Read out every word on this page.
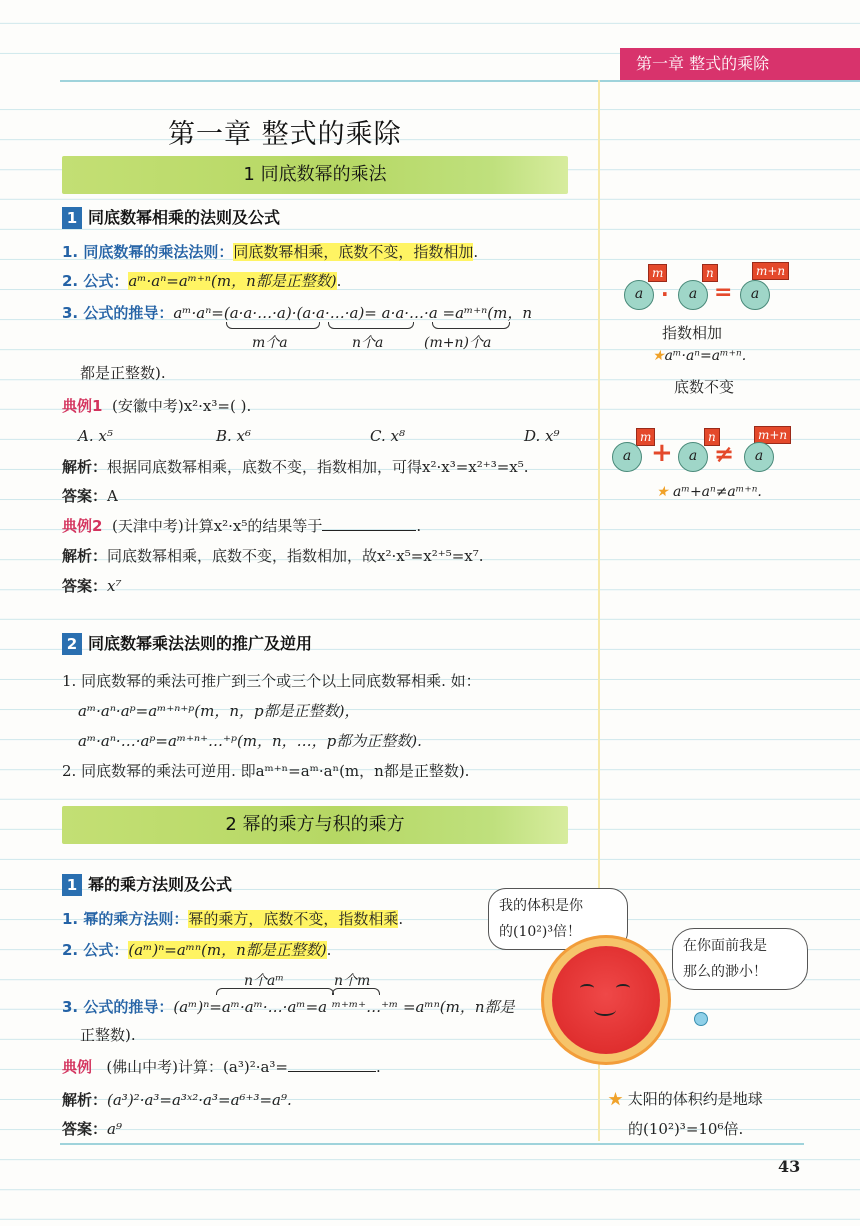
第一章 整式的乘除
第一章 整式的乘除
1 同底数幂的乘法
1 同底数幂相乘的法则及公式
1. 同底数幂的乘法法则：同底数幂相乘，底数不变，指数相加.
2. 公式：aᵐ·aⁿ=aᵐ⁺ⁿ(m，n都是正整数).
3. 公式的推导：aᵐ·aⁿ=(a·a·…·a)·(a·a·…·a)= a·a·…·a =aᵐ⁺ⁿ(m，n
m个a	n个a	(m+n)个a
都是正整数).
典例1 (安徽中考)x²·x³=( ).
A. x⁵	B. x⁶	C. x⁸	D. x⁹
解析：根据同底数幂相乘，底数不变，指数相加，可得x²·x³=x²⁺³=x⁵.
答案：A
典例2 (天津中考)计算x²·x⁵的结果等于	.
解析：同底数幂相乘，底数不变，指数相加，故x²·x⁵=x²⁺⁵=x⁷.
答案：x⁷
2 同底数幂乘法法则的推广及逆用
1. 同底数幂的乘法可推广到三个或三个以上同底数幂相乘. 如：
aᵐ·aⁿ·aᵖ=aᵐ⁺ⁿ⁺ᵖ(m，n，p都是正整数)，
aᵐ·aⁿ·…·aᵖ=aᵐ⁺ⁿ⁺…⁺ᵖ(m，n，…，p都为正整数).
2. 同底数幂的乘法可逆用. 即aᵐ⁺ⁿ=aᵐ·aⁿ(m，n都是正整数).
2 幂的乘方与积的乘方
1 幂的乘方法则及公式
1. 幂的乘方法则：幂的乘方，底数不变，指数相乘.
2. 公式：(aᵐ)ⁿ=aᵐⁿ(m，n都是正整数).
n个aᵐ	n个m
3. 公式的推导：(aᵐ)ⁿ=aᵐ·aᵐ·…·aᵐ=a ᵐ⁺ᵐ⁺…⁺ᵐ =aᵐⁿ(m，n都是
正整数).
典例 (佛山中考)计算：(a³)²·a³=	.
解析：(a³)²·a³=a³ˣ²·a³=a⁶⁺³=a⁹.
答案：a⁹
m	n	m+n
a ·	a =	a
指数相加
★aᵐ·aⁿ=aᵐ⁺ⁿ.
底数不变
m	n	m+n
a +	a ≠	a
★ aᵐ+aⁿ≠aᵐ⁺ⁿ.
我的体积是你
的(10²)³倍！
在你面前我是
那么的渺小！
★ 太阳的体积约是地球
的(10²)³=10⁶倍.
43
